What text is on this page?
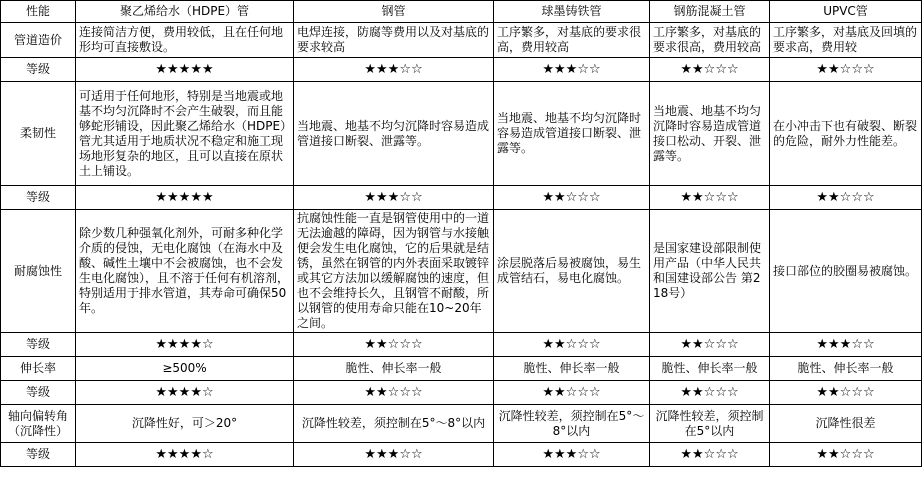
性能	聚乙烯给水（HDPE）管	钢管	球墨铸铁管	钢筋混凝土管	UPVC管
管道造价	连接简洁方便，费用较低，且在任何地形均可直接敷设。	电焊连接，防腐等费用以及对基底的要求较高	工序繁多，对基底的要求很高，费用较高	工序繁多，对基底的要求很高，费用较高	工序繁多，对基底及回填的要求高，费用较
等级	★★★★★	★★★☆☆	★★★☆☆	★★☆☆☆	★★☆☆☆
柔韧性	可适用于任何地形，特别是当地震或地基不均匀沉降时不会产生破裂，而且能够蛇形铺设，因此聚乙烯给水（HDPE）管尤其适用于地质状况不稳定和施工现场地形复杂的地区，且可以直接在原状土上铺设。	当地震、地基不均匀沉降时容易造成管道接口断裂、泄露等。	当地震、地基不均匀沉降时容易造成管道接口断裂、泄露等。	当地震、地基不均匀沉降时容易造成管道接口松动、开裂、泄露等。	在小冲击下也有破裂、断裂的危险，耐外力性能差。
等级	★★★★★	★★★☆☆	★★☆☆☆	★★☆☆☆	★★☆☆☆
耐腐蚀性	除少数几种强氧化剂外，可耐多种化学介质的侵蚀，无电化腐蚀（在海水中及酸、碱性土壤中不会被腐蚀，也不会发生电化腐蚀），且不溶于任何有机溶剂，特别适用于排水管道，其寿命可确保50年。	抗腐蚀性能一直是钢管使用中的一道无法逾越的障碍，因为钢管与水接触便会发生电化腐蚀，它的后果就是结锈，虽然在钢管的内外表面采取镀锌或其它方法加以缓解腐蚀的速度，但也不会维持长久，且钢管不耐酸，所以钢管的使用寿命只能在10~20年之间。	涂层脱落后易被腐蚀，易生成管结石，易电化腐蚀。	是国家建设部限制使用产品（中华人民共和国建设部公告 第218号）	接口部位的胶圈易被腐蚀。
等级	★★★★☆	★★☆☆☆	★★☆☆☆	★★☆☆☆	★★★☆☆
伸长率	≥500%	脆性、伸长率一般	脆性、伸长率一般	脆性、伸长率一般	脆性、伸长率一般
等级	★★★★☆	★★☆☆☆	★★☆☆☆	★★☆☆☆	★★☆☆☆
轴向偏转角（沉降性）	沉降性好，可＞20°	沉降性较差，须控制在5°～8°以内	沉降性较差，须控制在5°～8°以内	沉降性较差，须控制在5°以内	沉降性很差
等级	★★★★☆	★★★☆☆	★★★☆☆	★★☆☆☆	★★☆☆☆
